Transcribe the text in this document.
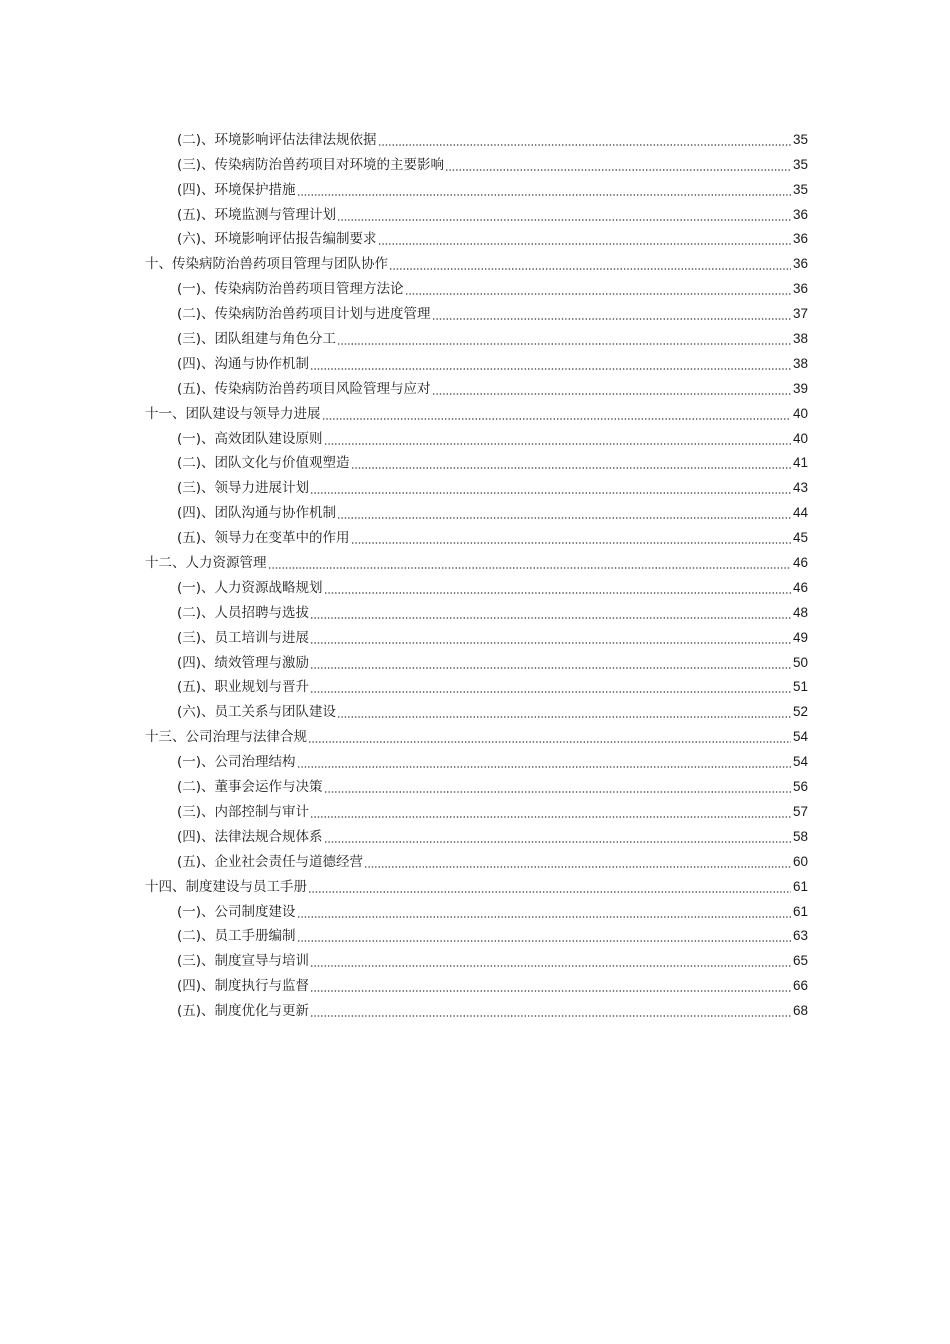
(二)、环境影响评估法律法规依据	35
(三)、传染病防治兽药项目对环境的主要影响	35
(四)、环境保护措施	35
(五)、环境监测与管理计划	36
(六)、环境影响评估报告编制要求	36
十、传染病防治兽药项目管理与团队协作	36
(一)、传染病防治兽药项目管理方法论	36
(二)、传染病防治兽药项目计划与进度管理	37
(三)、团队组建与角色分工	38
(四)、沟通与协作机制	38
(五)、传染病防治兽药项目风险管理与应对	39
十一、团队建设与领导力进展	40
(一)、高效团队建设原则	40
(二)、团队文化与价值观塑造	41
(三)、领导力进展计划	43
(四)、团队沟通与协作机制	44
(五)、领导力在变革中的作用	45
十二、人力资源管理	46
(一)、人力资源战略规划	46
(二)、人员招聘与选拔	48
(三)、员工培训与进展	49
(四)、绩效管理与激励	50
(五)、职业规划与晋升	51
(六)、员工关系与团队建设	52
十三、公司治理与法律合规	54
(一)、公司治理结构	54
(二)、董事会运作与决策	56
(三)、内部控制与审计	57
(四)、法律法规合规体系	58
(五)、企业社会责任与道德经营	60
十四、制度建设与员工手册	61
(一)、公司制度建设	61
(二)、员工手册编制	63
(三)、制度宣导与培训	65
(四)、制度执行与监督	66
(五)、制度优化与更新	68
